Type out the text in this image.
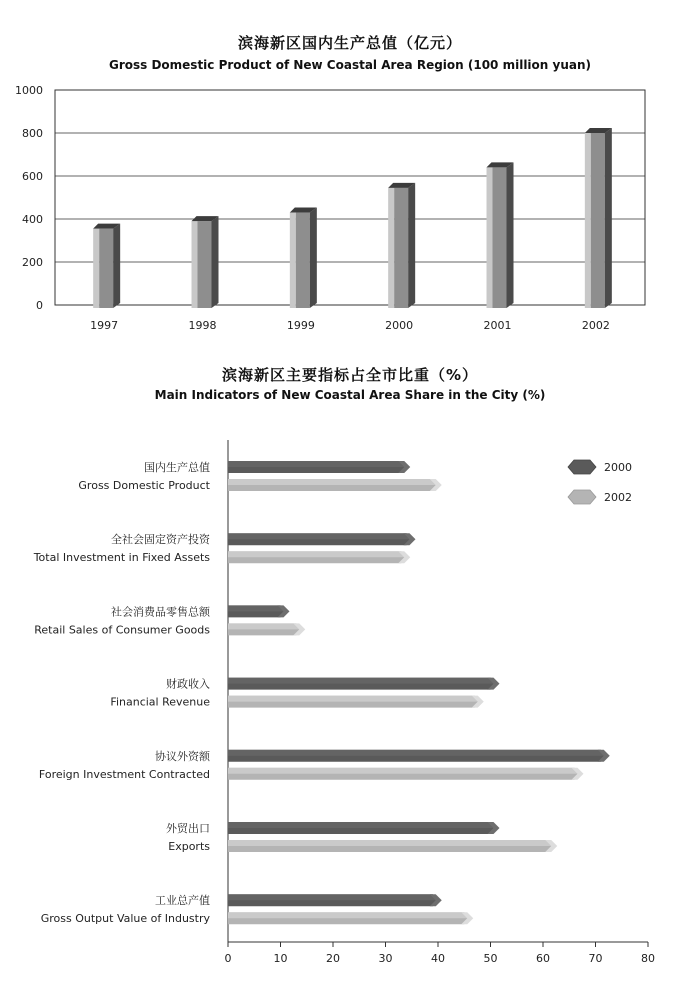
滨海新区国内生产总值（亿元）
Gross Domestic Product of New Coastal Area Region (100 million yuan)
滨海新区主要指标占全市比重（%）
Main Indicators of New Coastal Area Share in the City (%)
0
200
400
600
800
1000
1997	1998	1999	2000	2001	2002
0	10	20	30	40	50	60	70	80
国内生产总值
Gross Domestic Product
全社会固定资产投资
Total Investment in Fixed Assets
社会消费品零售总额
Retail Sales of Consumer Goods
财政收入
Financial Revenue
协议外资额
Foreign Investment Contracted
外贸出口
Exports
工业总产值
Gross Output Value of Industry
2000
2002
